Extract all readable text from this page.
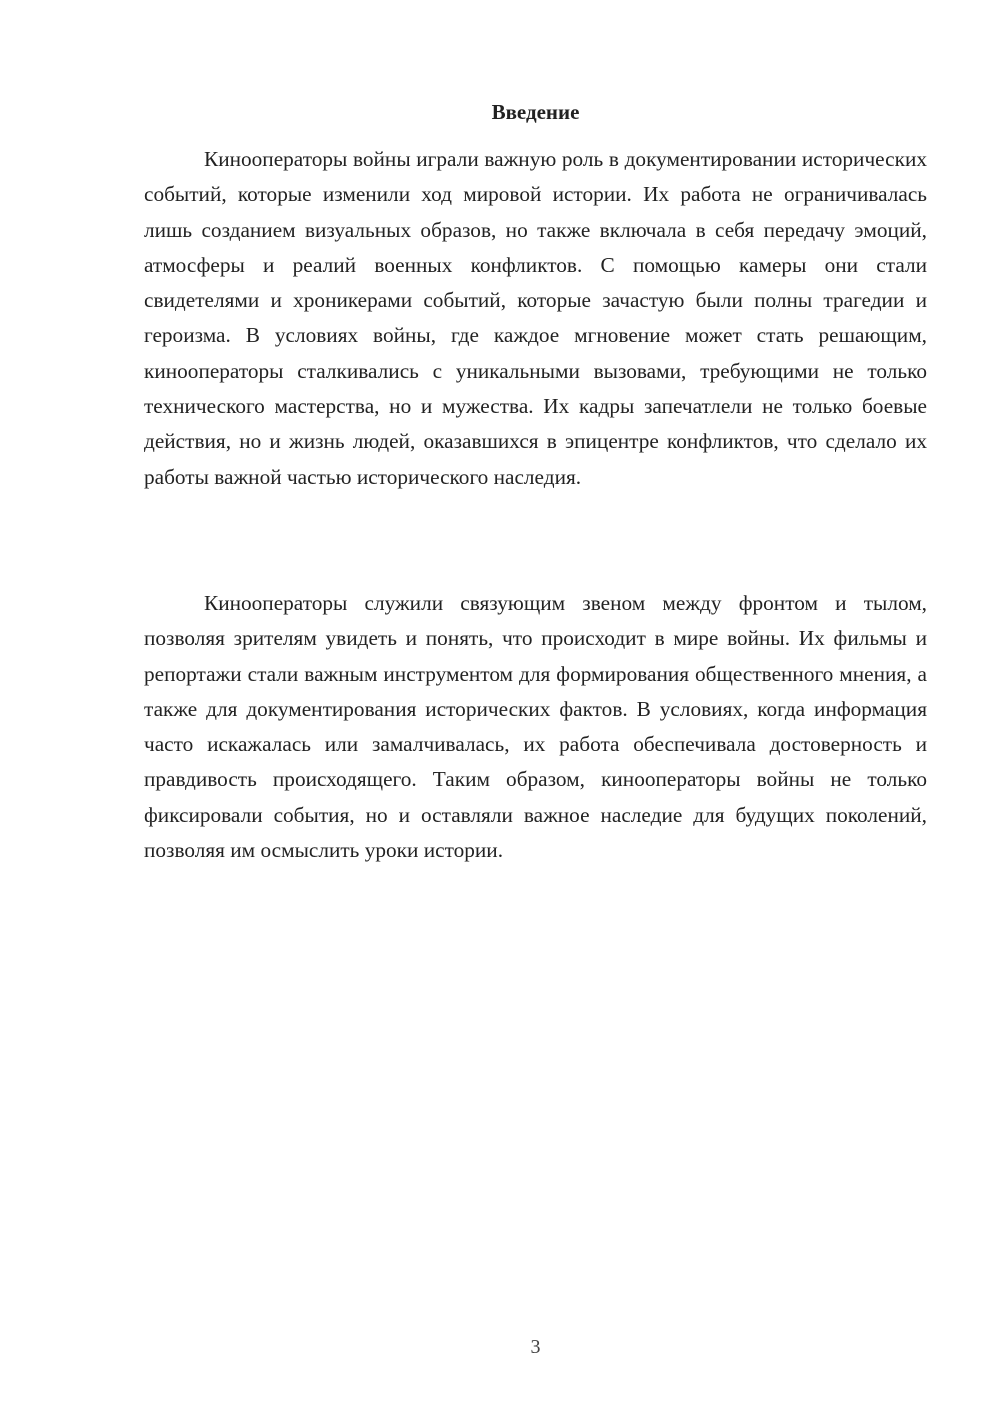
Введение

Кинооператоры войны играли важную роль в документировании исторических событий, которые изменили ход мировой истории. Их работа не ограничивалась лишь созданием визуальных образов, но также включала в себя передачу эмоций, атмосферы и реалий военных конфликтов. С помощью камеры они стали свидетелями и хроникерами событий, которые зачастую были полны трагедии и героизма. В условиях войны, где каждое мгновение может стать решающим, кинооператоры сталкивались с уникальными вызовами, требующими не только технического мастерства, но и мужества. Их кадры запечатлели не только боевые действия, но и жизнь людей, оказавшихся в эпицентре конфликтов, что сделало их работы важной частью исторического наследия.

Кинооператоры служили связующим звеном между фронтом и тылом, позволяя зрителям увидеть и понять, что происходит в мире войны. Их фильмы и репортажи стали важным инструментом для формирования общественного мнения, а также для документирования исторических фактов. В условиях, когда информация часто искажалась или замалчивалась, их работа обеспечивала достоверность и правдивость происходящего. Таким образом, кинооператоры войны не только фиксировали события, но и оставляли важное наследие для будущих поколений, позволяя им осмыслить уроки истории.

3
